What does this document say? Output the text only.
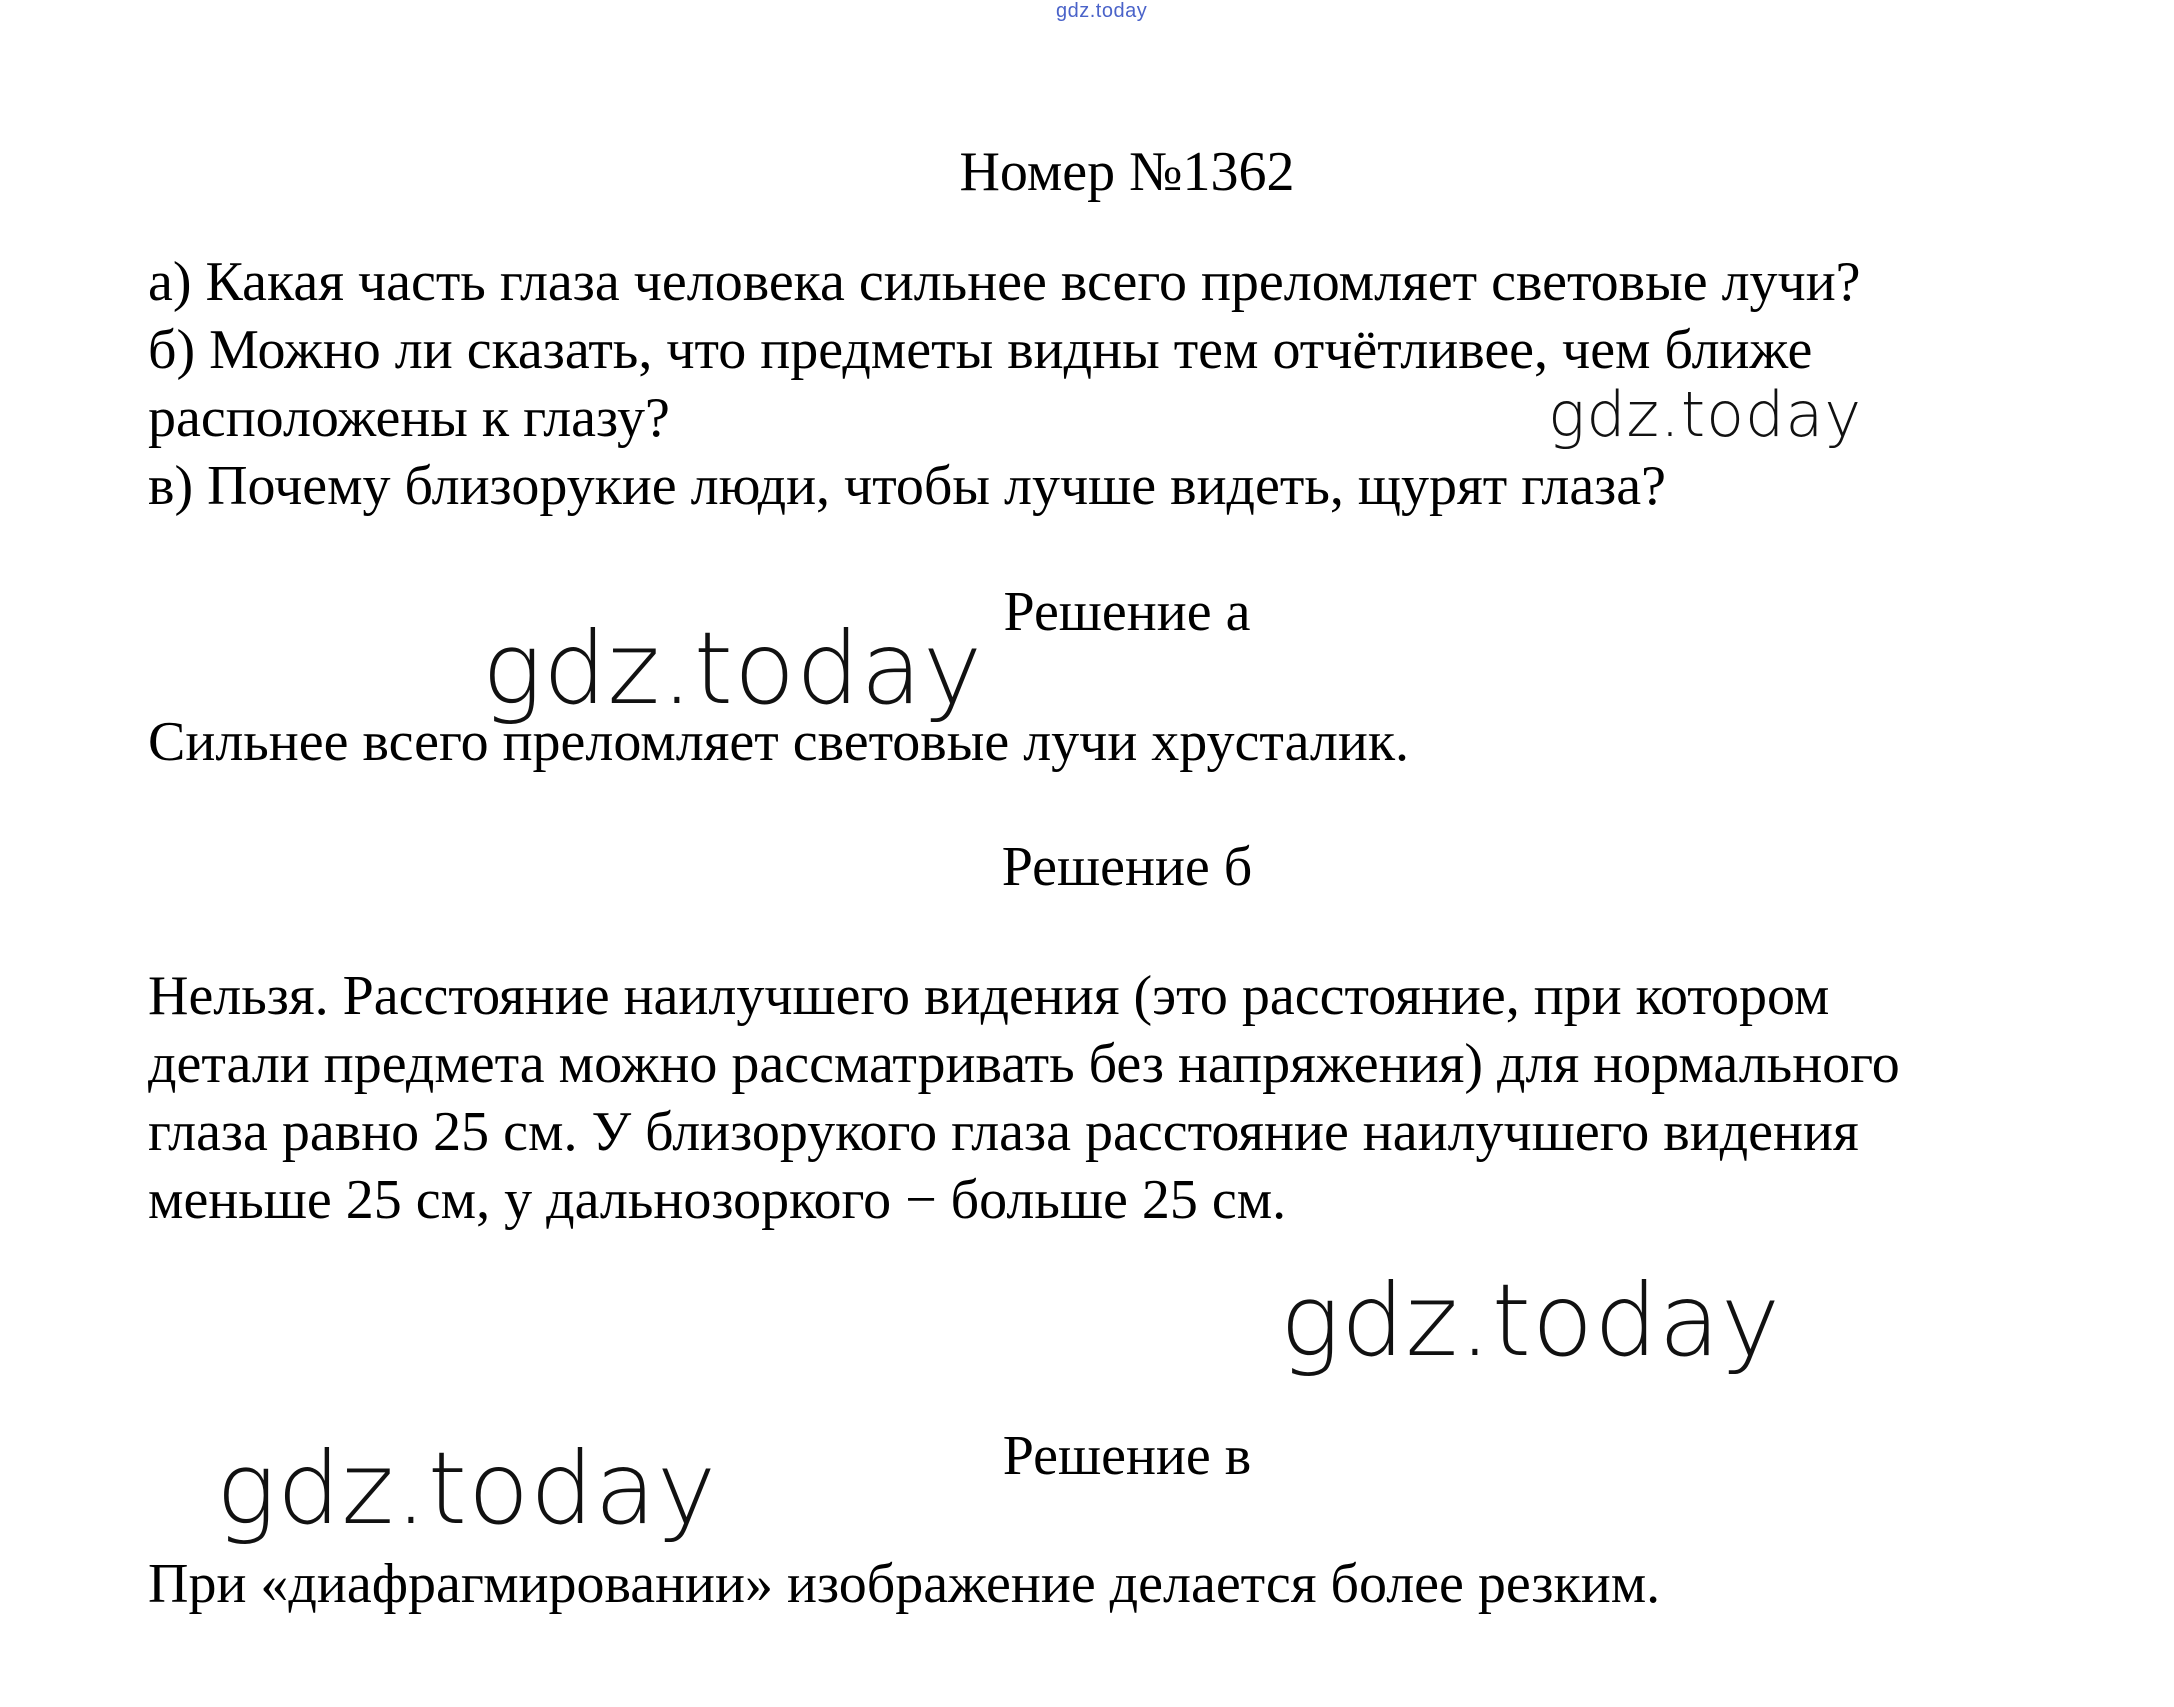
gdz.today
Номер №1362
а) Какая часть глаза человека сильнее всего преломляет световые лучи?
б) Можно ли сказать, что предметы видны тем отчётливее, чем ближе
расположены к глазу?
в) Почему близорукие люди, чтобы лучше видеть, щурят глаза?
Решение а
Сильнее всего преломляет световые лучи хрусталик.
Решение б
Нельзя. Расстояние наилучшего видения (это расстояние, при котором
детали предмета можно рассматривать без напряжения) для нормального
глаза равно 25 см. У близорукого глаза расстояние наилучшего видения
меньше 25 см, у дальнозоркого − больше 25 см.
Решение в
При «диафрагмировании» изображение делается более резким.
gdz.today
gdz.today
gdz.today
gdz.today
